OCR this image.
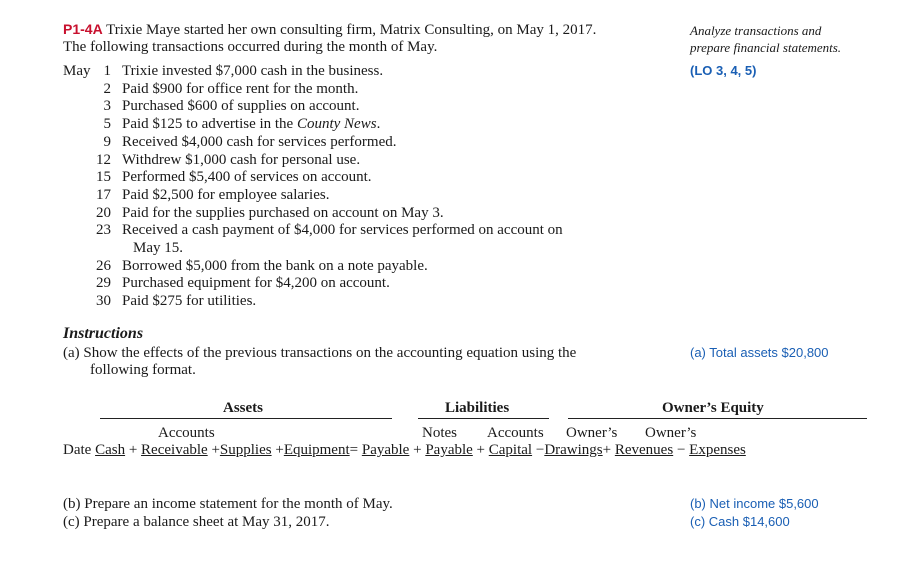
P1-4A Trixie Maye started her own consulting firm, Matrix Consulting, on May 1, 2017.
The following transactions occurred during the month of May.
Analyze transactions and
prepare financial statements.
(LO 3, 4, 5)
May 1 Trixie invested $7,000 cash in the business.
2 Paid $900 for office rent for the month.
3 Purchased $600 of supplies on account.
5 Paid $125 to advertise in the County News.
9 Received $4,000 cash for services performed.
12 Withdrew $1,000 cash for personal use.
15 Performed $5,400 of services on account.
17 Paid $2,500 for employee salaries.
20 Paid for the supplies purchased on account on May 3.
23 Received a cash payment of $4,000 for services performed on account on
May 15.
26 Borrowed $5,000 from the bank on a note payable.
29 Purchased equipment for $4,200 on account.
30 Paid $275 for utilities.
Instructions
(a) Show the effects of the previous transactions on the accounting equation using the
following format.
(a) Total assets $20,800
Assets	Liabilities	Owner’s Equity
Accounts	Notes Accounts Owner’s Owner’s
Date Cash + Receivable +Supplies +Equipment= Payable + Payable + Capital −Drawings+ Revenues − Expenses
(b) Prepare an income statement for the month of May.
(c) Prepare a balance sheet at May 31, 2017.
(b) Net income $5,600
(c) Cash $14,600
